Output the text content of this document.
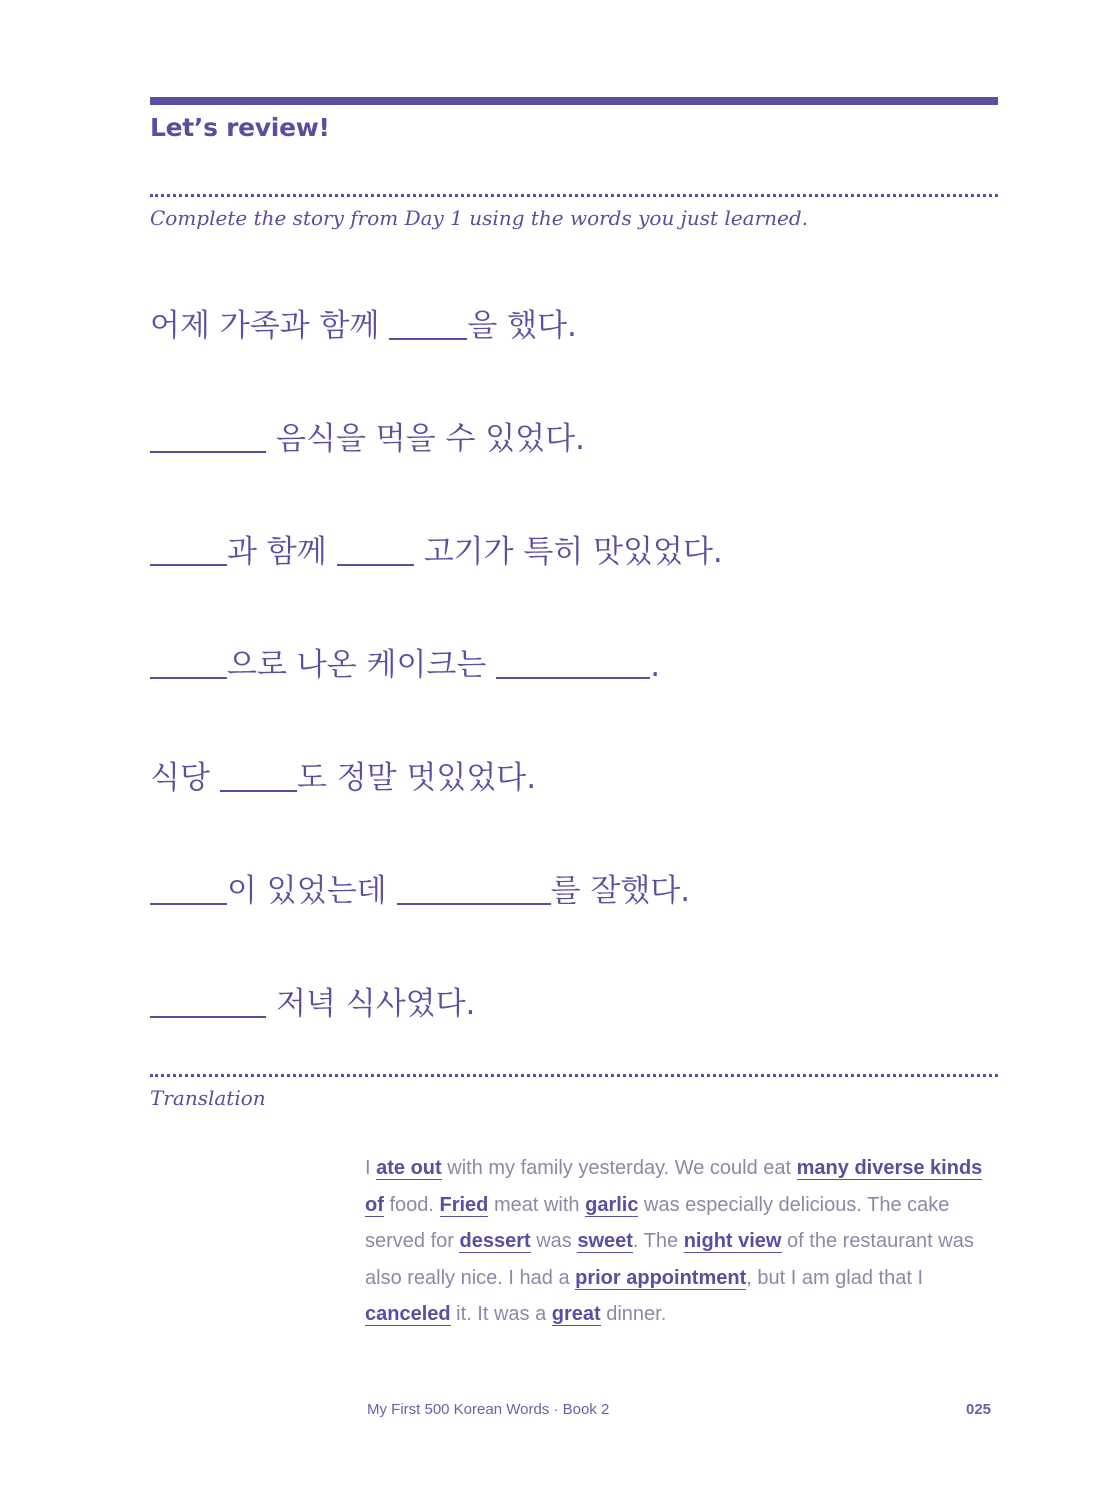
Let’s review!
Complete the story from Day 1 using the words you just learned.
어제 가족과 함께	을 했다.
음식을 먹을 수 있었다.
과 함께	고기가 특히 맛있었다.
으로 나온 케이크는	.
식당	도 정말 멋있었다.
이 있었는데	를 잘했다.
저녁 식사였다.
Translation
I ate out with my family yesterday. We could eat many diverse kinds of food. Fried meat with garlic was especially delicious. The cake served for dessert was sweet. The night view of the restaurant was also really nice. I had a prior appointment, but I am glad that I canceled it. It was a great dinner.
My First 500 Korean Words · Book 2	025
